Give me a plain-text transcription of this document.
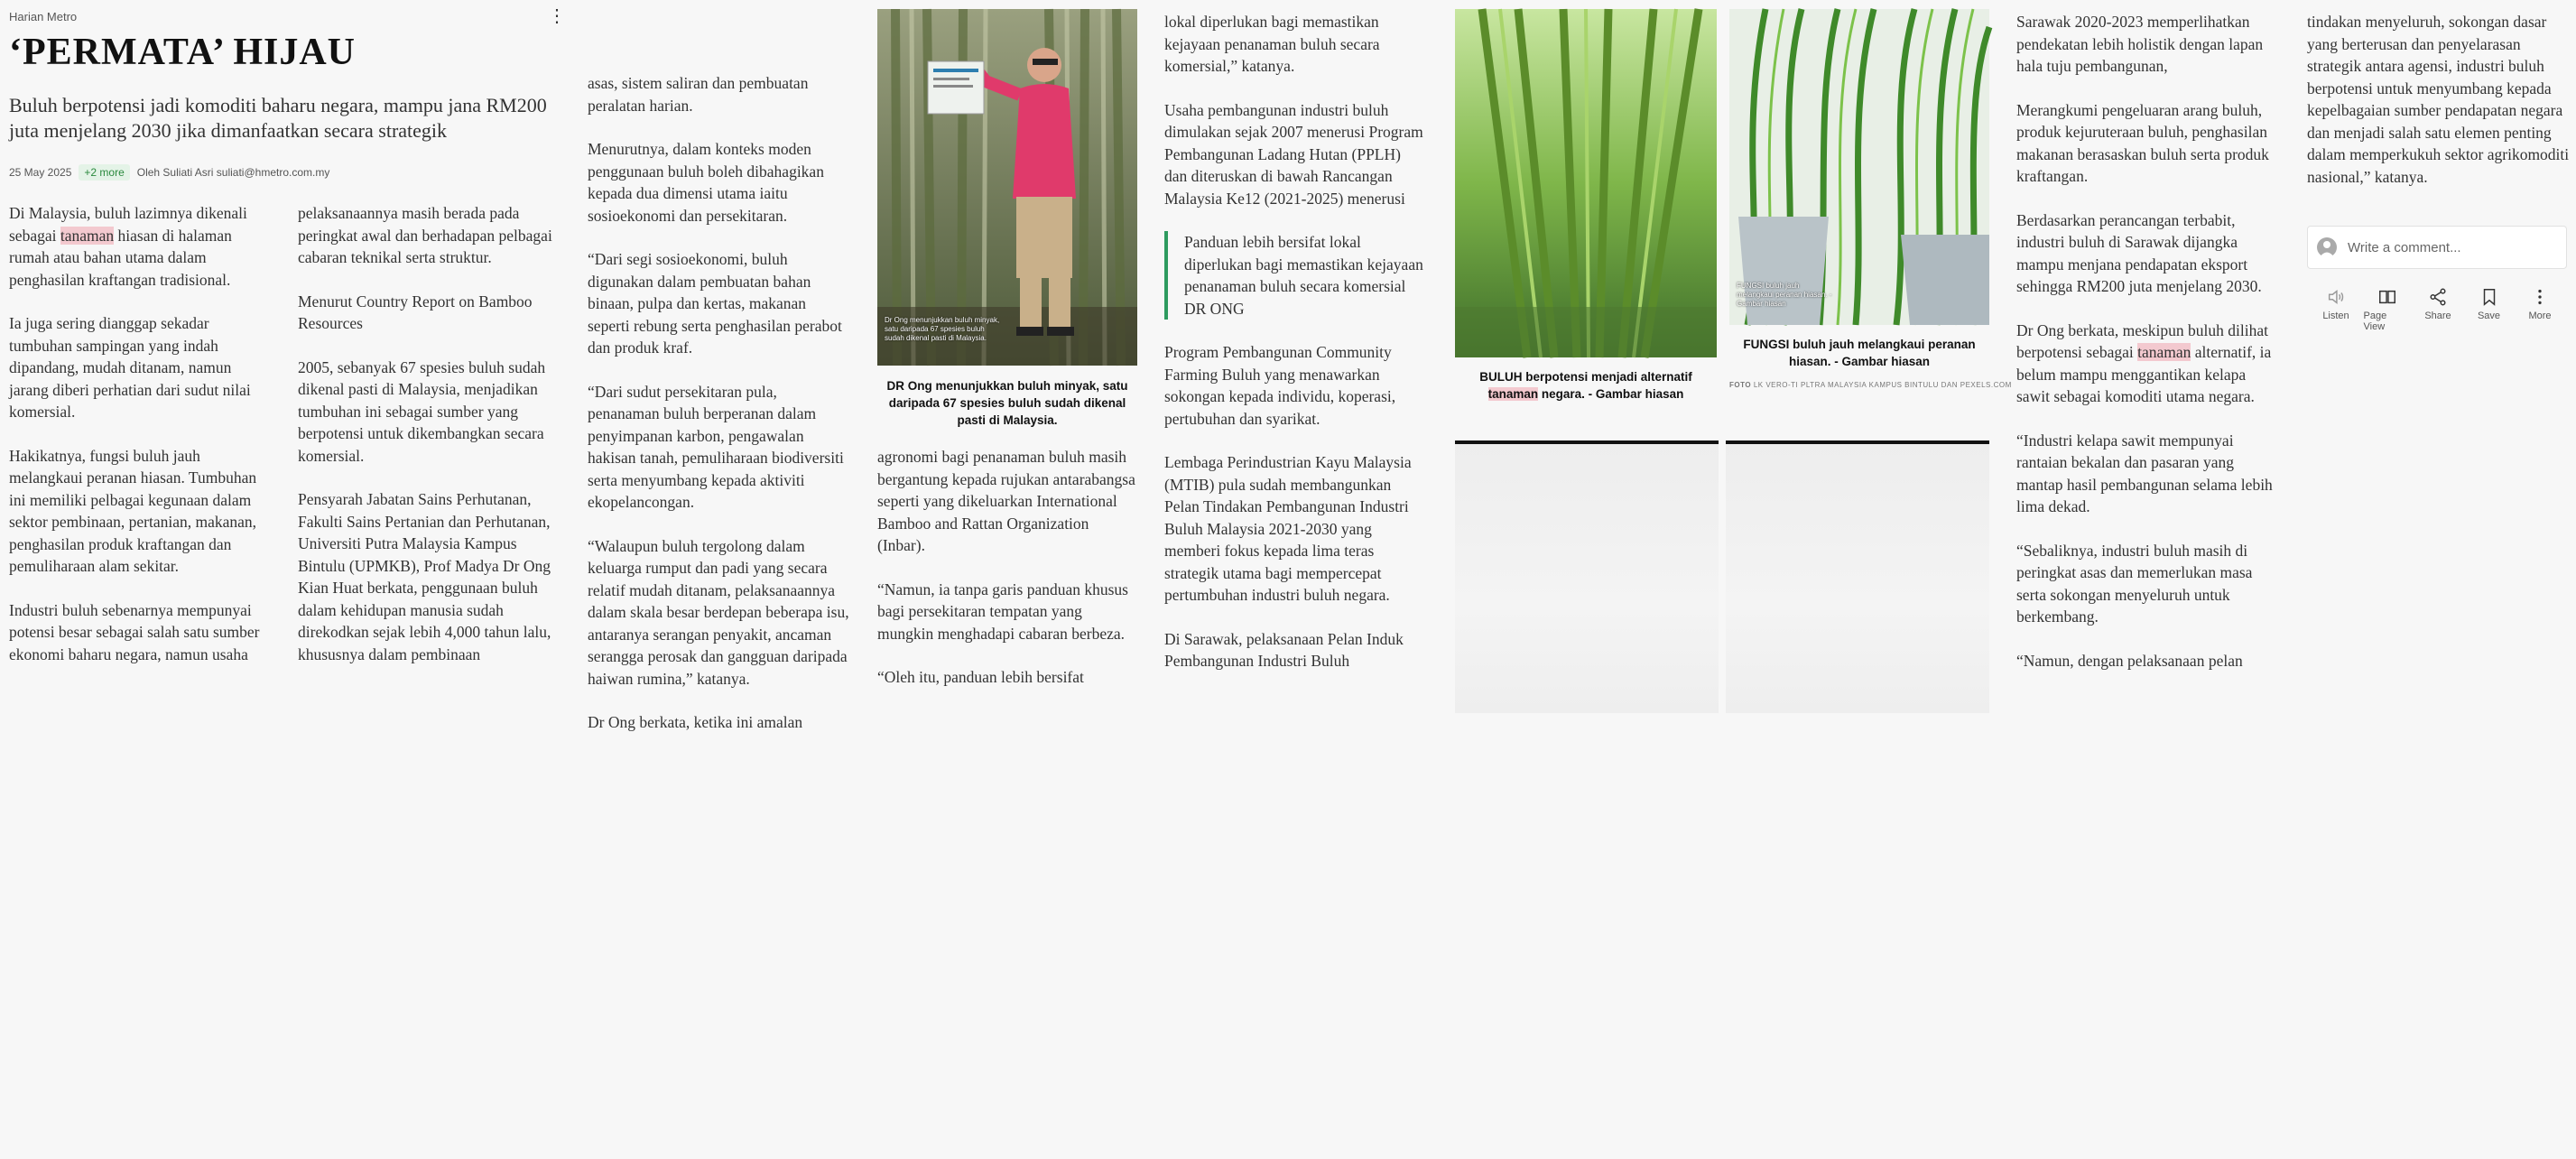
Harian Metro	⋮
‘PERMATA’ HIJAU
Buluh berpotensi jadi komoditi baharu negara, mampu jana RM200 juta menjelang 2030 jika dimanfaatkan secara strategik
25 May 2025	+2 more	Oleh Suliati Asri suliati@hmetro.com.my

Di Malaysia, buluh lazimnya dikenali sebagai tanaman hiasan di halaman rumah atau bahan utama dalam penghasilan kraftangan tradisional.

Ia juga sering dianggap sekadar tumbuhan sampingan yang indah dipandang, mudah ditanam, namun jarang diberi perhatian dari sudut nilai komersial.

Hakikatnya, fungsi buluh jauh melangkaui peranan hiasan. Tumbuhan ini memiliki pelbagai kegunaan dalam sektor pembinaan, pertanian, makanan, penghasilan produk kraftangan dan pemuliharaan alam sekitar.

Industri buluh sebenarnya mempunyai potensi besar sebagai salah satu sumber ekonomi baharu negara, namun usaha

pelaksanaannya masih berada pada peringkat awal dan berhadapan pelbagai cabaran teknikal serta struktur.

Menurut Country Report on Bamboo Resources

2005, sebanyak 67 spesies buluh sudah dikenal pasti di Malaysia, menjadikan tumbuhan ini sebagai sumber yang berpotensi untuk dikembangkan secara komersial.

Pensyarah Jabatan Sains Perhutanan, Fakulti Sains Pertanian dan Perhutanan, Universiti Putra Malaysia Kampus Bintulu (UPMKB), Prof Madya Dr Ong Kian Huat berkata, penggunaan buluh dalam kehidupan manusia sudah direkodkan sejak lebih 4,000 tahun lalu, khususnya dalam pembinaan

asas, sistem saliran dan pembuatan peralatan harian.

Menurutnya, dalam konteks moden penggunaan buluh boleh dibahagikan kepada dua dimensi utama iaitu sosioekonomi dan persekitaran.

“Dari segi sosioekonomi, buluh digunakan dalam pembuatan bahan binaan, pulpa dan kertas, makanan seperti rebung serta penghasilan perabot dan produk kraf.

“Dari sudut persekitaran pula, penanaman buluh berperanan dalam penyimpanan karbon, pengawalan hakisan tanah, pemulihara​an biodiversiti serta menyumbang kepada aktiviti ekopelancongan.

“Walaupun buluh tergolong dalam keluarga rumput dan padi yang secara relatif mudah ditanam, pelaksanaannya dalam skala besar berdepan beberapa isu, antaranya serangan penyakit, ancaman serangga perosak dan gangguan daripada haiwan rumina,” katanya.

Dr Ong berkata, ketika ini amalan

Dr Ong menunjukkan buluh minyak, satu daripada 67 spesies buluh sudah dikenal pasti di Malaysia.
DR Ong menunjukkan buluh minyak, satu daripada 67 spesies buluh sudah dikenal pasti di Malaysia.

agronomi bagi penanaman buluh masih bergantung kepada rujukan antarabangsa seperti yang dikeluarkan International Bamboo and Rattan Organization (Inbar).

“Namun, ia tanpa garis panduan khusus bagi persekitaran tempatan yang mungkin menghadapi cabaran berbeza.

“Oleh itu, panduan lebih bersifat

lokal diperlukan bagi memastikan kejayaan penanaman buluh secara komersial,” katanya.

Usaha pembangunan industri buluh dimulakan sejak 2007 menerusi Program Pembangunan Ladang Hutan (PPLH) dan diteruskan di bawah Rancangan Malaysia Ke12 (2021-2025) menerusi

Panduan lebih bersifat lokal diperlukan bagi memastikan kejayaan penanaman buluh secara komersial DR ONG

Program Pembangunan Community Farming Buluh yang menawarkan sokongan kepada individu, koperasi, pertubuhan dan syarikat.

Lembaga Perindustrian Kayu Malaysia (MTIB) pula sudah membangunkan Pelan Tindakan Pembangunan Industri Buluh Malaysia 2021-2030 yang memberi fokus kepada lima teras strategik utama bagi mempercepat pertumbuhan industri buluh negara.

Di Sarawak, pelaksanaan Pelan Induk Pembangunan Industri Buluh

BULUH berpotensi menjadi alternatif tanaman negara. - Gambar hiasan
FUNGSI buluh jauh melangkaui peranan hiasan. - Gambar hiasan
FUNGSI buluh jauh melangkaui peranan hiasan. - Gambar hiasan
FOTO LK VERO-TI PLTRA MALAYSIA KAMPUS BINTULU DAN PEXELS.COM

Sarawak 2020-2023 memperlihatkan pendekatan lebih holistik dengan lapan hala tuju pembangunan,

Merangkumi pengeluaran arang buluh, produk kejuruteraan buluh, penghasilan makanan berasaskan buluh serta produk kraftangan.

Berdasarkan perancangan terbabit, industri buluh di Sarawak dijangka mampu menjana pendapatan eksport sehingga RM200 juta menjelang 2030.

Dr Ong berkata, meskipun buluh dilihat berpotensi sebagai tanaman alternatif, ia belum mampu menggantikan kelapa sawit sebagai komoditi utama negara.

“Industri kelapa sawit mempunyai rantaian bekalan dan pasaran yang mantap hasil pembangunan selama lebih lima dekad.

“Sebaliknya, industri buluh masih di peringkat asas dan memerlukan masa serta sokongan menyeluruh untuk berkembang.

“Namun, dengan pelaksanaan pelan

tindakan menyeluruh, sokongan dasar yang berterusan dan penyelarasan strategik antara agensi, industri buluh berpotensi untuk menyumbang kepada kepelbagaian sumber pendapatan negara dan menjadi salah satu elemen penting dalam memperkukuh sektor agrikomoditi nasional,” katanya.

Write a comment...
Listen Page View
Share	Save	More
